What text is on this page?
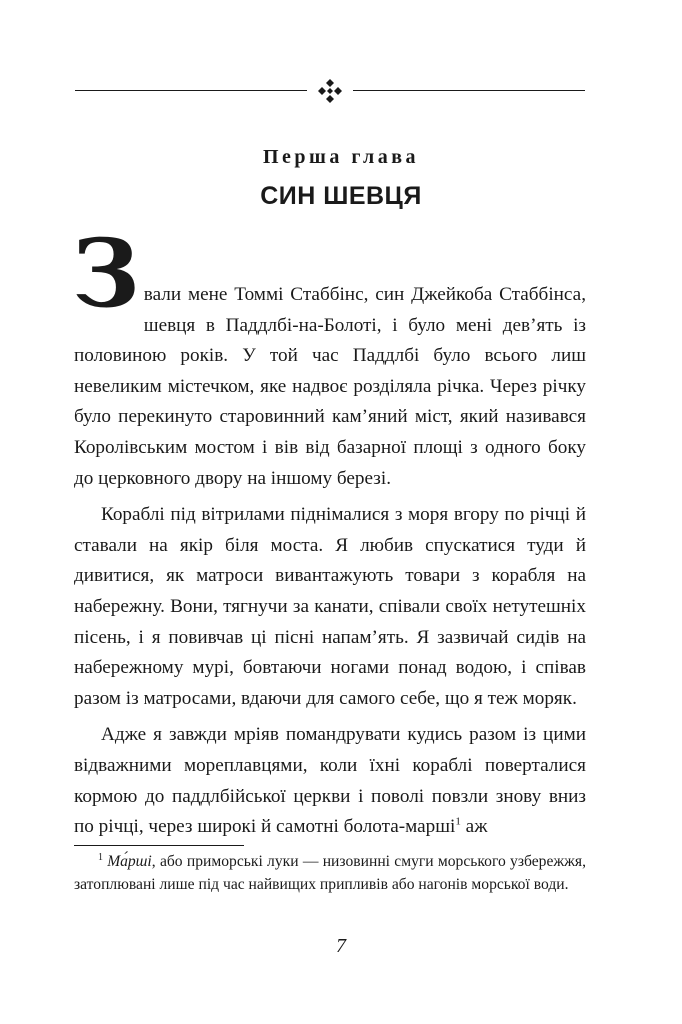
Перша глава
СИН ШЕВЦЯ

Звали мене Томмі Стаббінс, син Джейкоба Стаббінса, шевця в Паддлбі-на-Болоті, і було мені дев’ять із половиною років. У той час Паддлбі було всього лиш невеликим містечком, яке надвоє розділяла річка. Через річку було перекинуто старовинний кам’яний міст, який називався Королівським мостом і вів від базарної площі з одного боку до церковного двору на іншому березі.

Кораблі під вітрилами піднімалися з моря вгору по річці й ставали на якір біля моста. Я любив спускатися туди й дивитися, як матроси вивантажують товари з корабля на набережну. Вони, тягнучи за канати, співали своїх нетутешніх пісень, і я повивчав ці пісні напам’ять. Я зазвичай сидів на набережному мурі, бовтаючи ногами понад водою, і співав разом із матросами, вдаючи для самого себе, що я теж моряк.

Адже я завжди мріяв помандрувати кудись разом із цими відважними мореплавцями, коли їхні кораблі поверталися кормою до паддлбійської церкви і поволі повзли знову вниз по річці, через широкі й самотні болота-марші$^1$ аж

$^1$ Ма́рші, або приморські луки — низовинні смуги морського узбережжя, затоплювані лише під час найвищих припливів або нагонів морської води.
7
